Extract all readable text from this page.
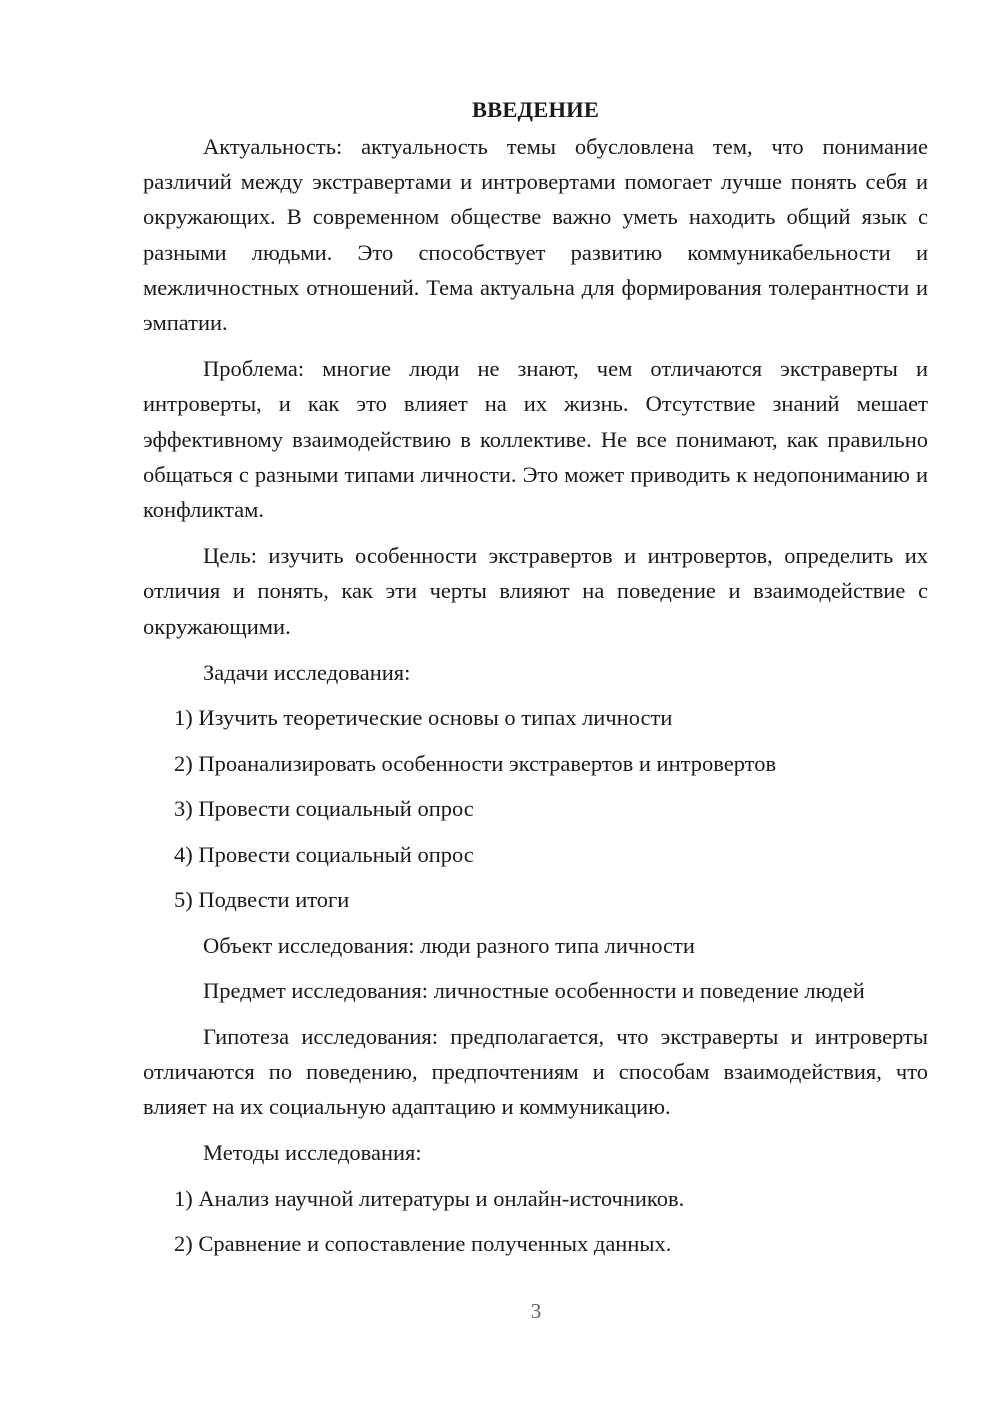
ВВЕДЕНИЕ

Актуальность: актуальность темы обусловлена тем, что понимание различий между экстравертами и интровертами помогает лучше понять себя и окружающих. В современном обществе важно уметь находить общий язык с разными людьми. Это способствует развитию коммуникабельности и межличностных отношений. Тема актуальна для формирования толерантности и эмпатии.

Проблема: многие люди не знают, чем отличаются экстраверты и интроверты, и как это влияет на их жизнь. Отсутствие знаний мешает эффективному взаимодействию в коллективе. Не все понимают, как правильно общаться с разными типами личности. Это может приводить к недопониманию и конфликтам.

Цель: изучить особенности экстравертов и интровертов, определить их отличия и понять, как эти черты влияют на поведение и взаимодействие с окружающими.

Задачи исследования:
1) Изучить теоретические основы о типах личности
2) Проанализировать особенности экстравертов и интровертов
3) Провести социальный опрос
4) Провести социальный опрос
5) Подвести итоги
Объект исследования: люди разного типа личности
Предмет исследования: личностные особенности и поведение людей

Гипотеза исследования: предполагается, что экстраверты и интроверты отличаются по поведению, предпочтениям и способам взаимодействия, что влияет на их социальную адаптацию и коммуникацию.

Методы исследования:
1) Анализ научной литературы и онлайн-источников.
2) Сравнение и сопоставление полученных данных.
3
